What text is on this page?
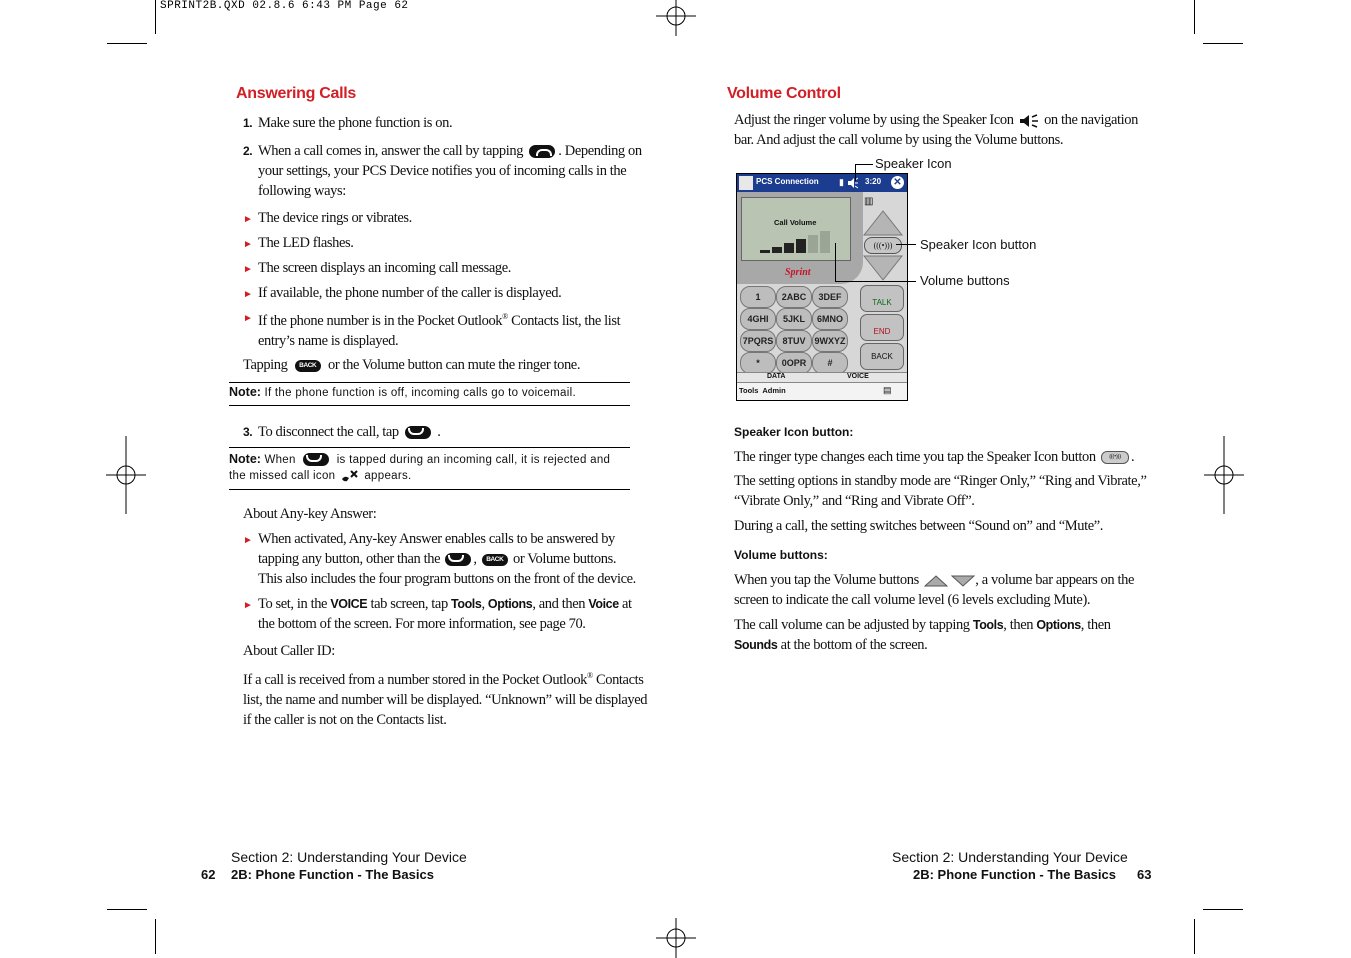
SPRINT2B.QXD 02.8.6 6:43 PM Page 62
Answering Calls
1. Make sure the phone function is on.
2. When a call comes in, answer the call by tapping . Depending on
your settings, your PCS Device notifies you of incoming calls in the
following ways:
► The device rings or vibrates.
► The LED flashes.
► The screen displays an incoming call message.
► If available, the phone number of the caller is displayed.
► If the phone number is in the Pocket Outlook® Contacts list, the list
entry’s name is displayed.
Tapping BACK or the Volume button can mute the ringer tone.
Note: If the phone function is off, incoming calls go to voicemail.
3. To disconnect the call, tap	.
Note: When	is tapped during an incoming call, it is rejected and
the missed call icon  appears.
About Any-key Answer:
► When activated, Any-key Answer enables calls to be answered by
tapping any button, other than the , BACK or Volume buttons.
This also includes the four program buttons on the front of the device.
► To set, in the VOICE tab screen, tap Tools, Options, and then Voice at
the bottom of the screen. For more information, see page 70.
About Caller ID:
If a call is received from a number stored in the Pocket Outlook® Contacts
list, the name and number will be displayed. “Unknown” will be displayed
if the caller is not on the Contacts list.
Section 2: Understanding Your Device
62 2B: Phone Function - The Basics
Volume Control
Adjust the ringer volume by using the Speaker Icon  on the navigation
bar. And adjust the call volume by using the Volume buttons.
PCS Connection ▮	3:20 ✕
Call Volume
Sprint
▥
(((•)))
1	2ABC	3DEF
4GHI	5JKL	6MNO
7PQRS	8TUV 9WXYZ
*	0OPR	#
TALK
END
BACK
DATA	VOICE
Tools  Admin	▤
Speaker Icon
Speaker Icon button
Volume buttons
Speaker Icon button:
The ringer type changes each time you tap the Speaker Icon button (((•))) .
The setting options in standby mode are “Ringer Only,” “Ring and Vibrate,”
“Vibrate Only,” and “Ring and Vibrate Off”.
During a call, the setting switches between “Sound on” and “Mute”.
Volume buttons:
When you tap the Volume buttons	, a volume bar appears on the
screen to indicate the call volume level (6 levels excluding Mute).
The call volume can be adjusted by tapping Tools, then Options, then
Sounds at the bottom of the screen.
Section 2: Understanding Your Device
2B: Phone Function - The Basics 63
